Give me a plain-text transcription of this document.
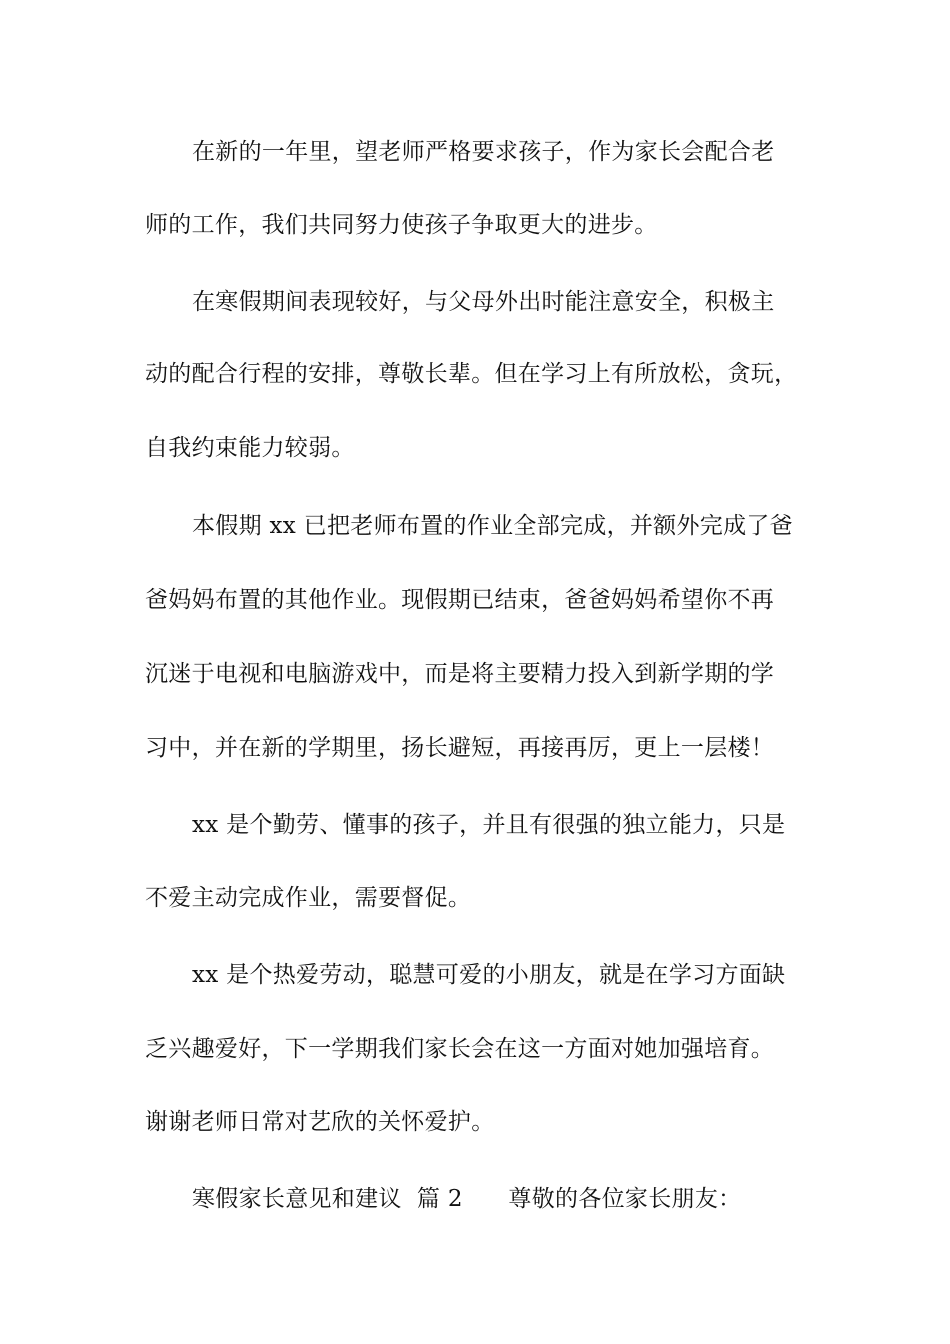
在新的一年里，望老师严格要求孩子，作为家长会配合老
师的工作，我们共同努力使孩子争取更大的进步。
在寒假期间表现较好，与父母外出时能注意安全，积极主
动的配合行程的安排，尊敬长辈。但在学习上有所放松，贪玩，
自我约束能力较弱。
本假期 xx 已把老师布置的作业全部完成，并额外完成了爸
爸妈妈布置的其他作业。现假期已结束，爸爸妈妈希望你不再
沉迷于电视和电脑游戏中，而是将主要精力投入到新学期的学
习中，并在新的学期里，扬长避短，再接再厉，更上一层楼！
xx 是个勤劳、懂事的孩子，并且有很强的独立能力，只是
不爱主动完成作业，需要督促。
xx 是个热爱劳动，聪慧可爱的小朋友，就是在学习方面缺
乏兴趣爱好，下一学期我们家长会在这一方面对她加强培育。
谢谢老师日常对艺欣的关怀爱护。
寒假家长意见和建议  篇 2      尊敬的各位家长朋友：
